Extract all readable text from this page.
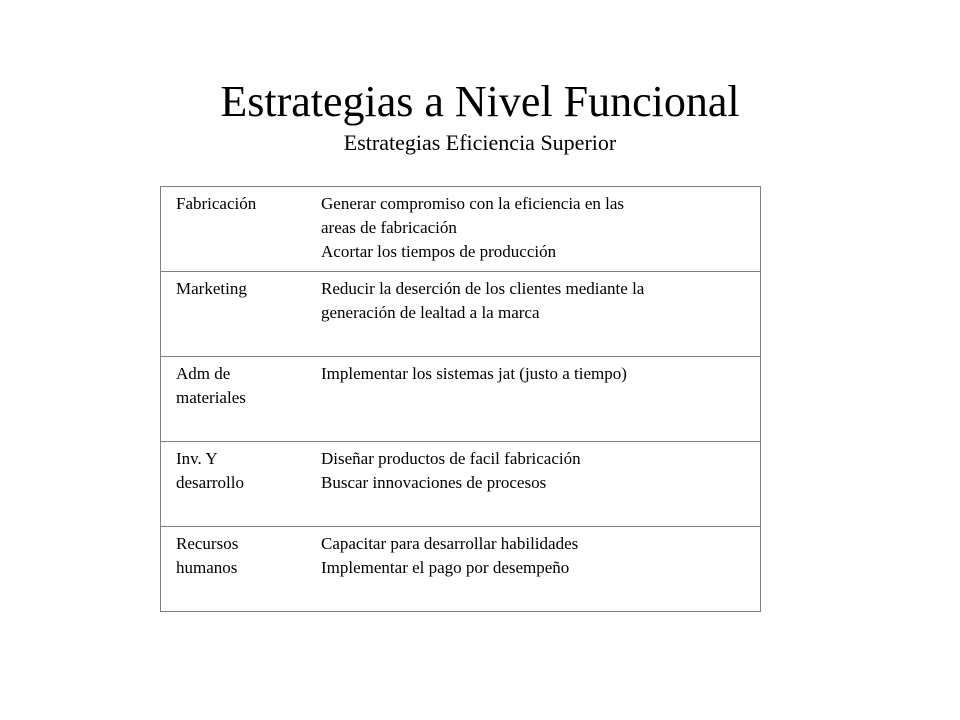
Estrategias a Nivel Funcional
Estrategias Eficiencia Superior
Fabricación	Generar compromiso con la eficiencia en las
areas de fabricación
Acortar los tiempos de producción

Marketing	Reducir la deserción de los clientes mediante la
generación de lealtad a la marca

Adm de
materiales	Implementar los sistemas jat (justo a tiempo)

Inv. Y
desarrollo	Diseñar productos de facil fabricación
Buscar innovaciones de procesos

Recursos
humanos	Capacitar para desarrollar habilidades
Implementar el pago por desempeño
